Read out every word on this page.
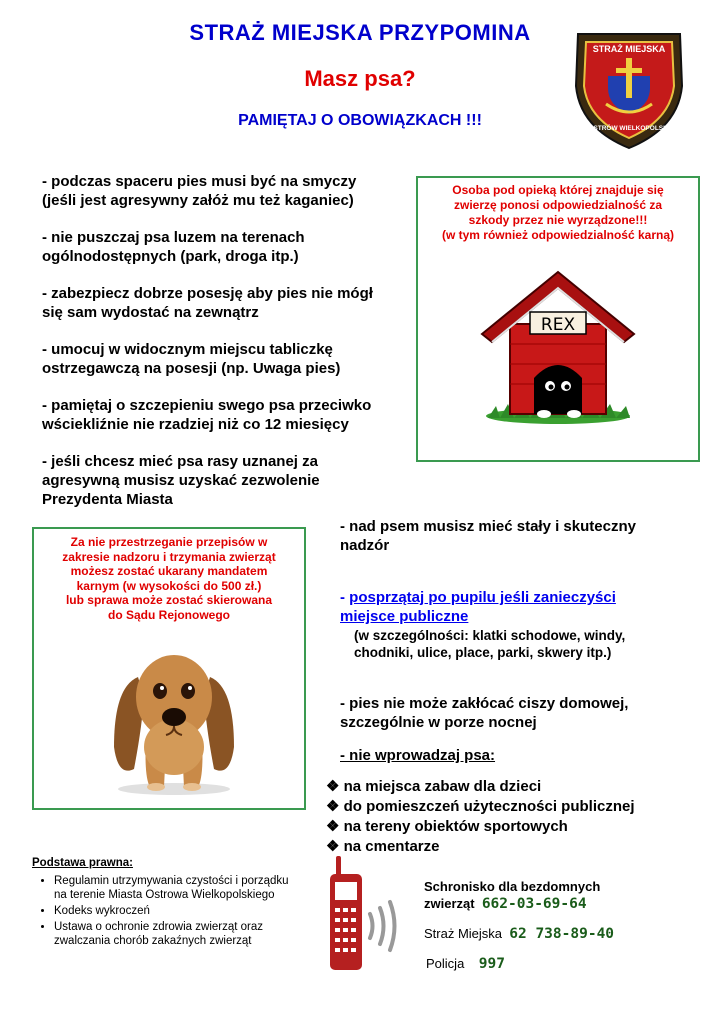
STRAŻ MIEJSKA PRZYPOMINA
Masz psa?
PAMIĘTAJ O OBOWIĄZKACH !!!
STRAŻ MIEJSKA
OSTRÓW WIELKOPOLSKI
- podczas spaceru pies musi być na smyczy
(jeśli jest agresywny załóż mu też kaganiec)
- nie puszczaj psa luzem na terenach
ogólnodostępnych (park, droga itp.)
- zabezpiecz dobrze posesję aby pies nie mógł
się sam wydostać na zewnątrz
- umocuj w widocznym miejscu tabliczkę
ostrzegawczą na posesji (np. Uwaga pies)
- pamiętaj o szczepieniu swego psa przeciwko
wściekliźnie nie rzadziej niż co 12 miesięcy
- jeśli chcesz mieć psa rasy uznanej za
agresywną musisz uzyskać zezwolenie
Prezydenta Miasta
Osoba pod opieką której znajduje się
zwierzę ponosi odpowiedzialność za
szkody przez nie wyrządzone!!!
(w tym również odpowiedzialność karną)
REX
Za nie przestrzeganie przepisów w
zakresie nadzoru i trzymania zwierząt
możesz zostać ukarany mandatem
karnym (w wysokości do 500 zł.)
lub sprawa może zostać skierowana
do Sądu Rejonowego
- nad psem musisz mieć stały i skuteczny
nadzór

- posprzątaj po pupilu jeśli zanieczyści
miejsce publiczne

(w szczególności: klatki schodowe, windy,
chodniki, ulice, place, parki, skwery itp.)

- pies nie może zakłócać ciszy domowej,
szczególnie w porze nocnej
- nie wprowadzaj psa:
❖ na miejsca zabaw dla dzieci
❖ do pomieszczeń użyteczności publicznej
❖ na tereny obiektów sportowych
❖ na cmentarze
Podstawa prawna:
• Regulamin utrzymywania czystości i porządku
na terenie Miasta Ostrowa Wielkopolskiego
• Kodeks wykroczeń
• Ustawa o ochronie zdrowia zwierząt oraz
zwalczania chorób zakaźnych zwierząt
Schronisko dla bezdomnych
zwierząt 662-03-69-64
Straż Miejska 62 738-89-40
Policja 997
